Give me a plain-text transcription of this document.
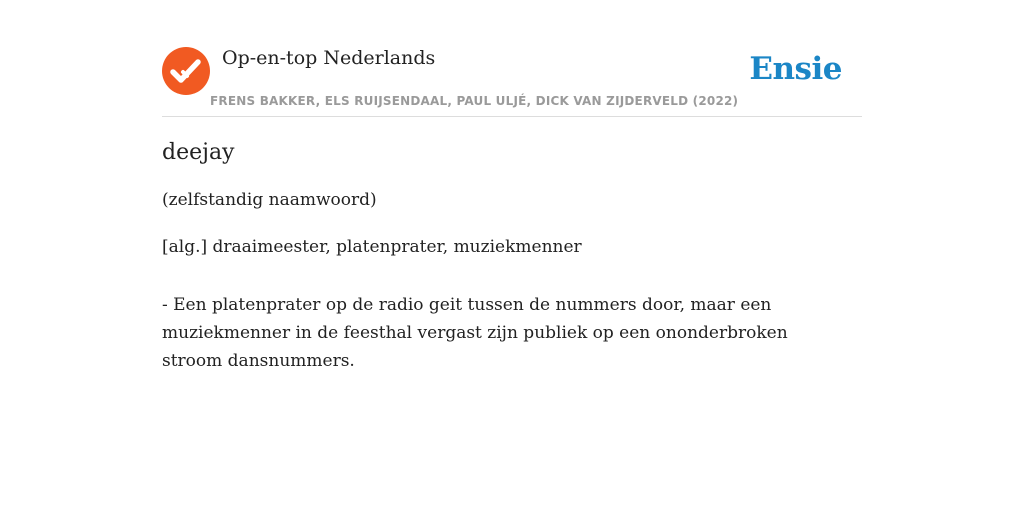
Op-en-top Nederlands
FRENS BAKKER, ELS RUIJSENDAAL, PAUL ULJÉ, DICK VAN ZIJDERVELD (2022)
Ensie
deejay

(zelfstandig naamwoord)

[alg.] draaimeester, platenprater, muziekmenner

- Een platenprater op de radio geit tussen de nummers door, maar een muziekmenner in de feesthal vergast zijn publiek op een ononderbroken stroom dansnummers.
